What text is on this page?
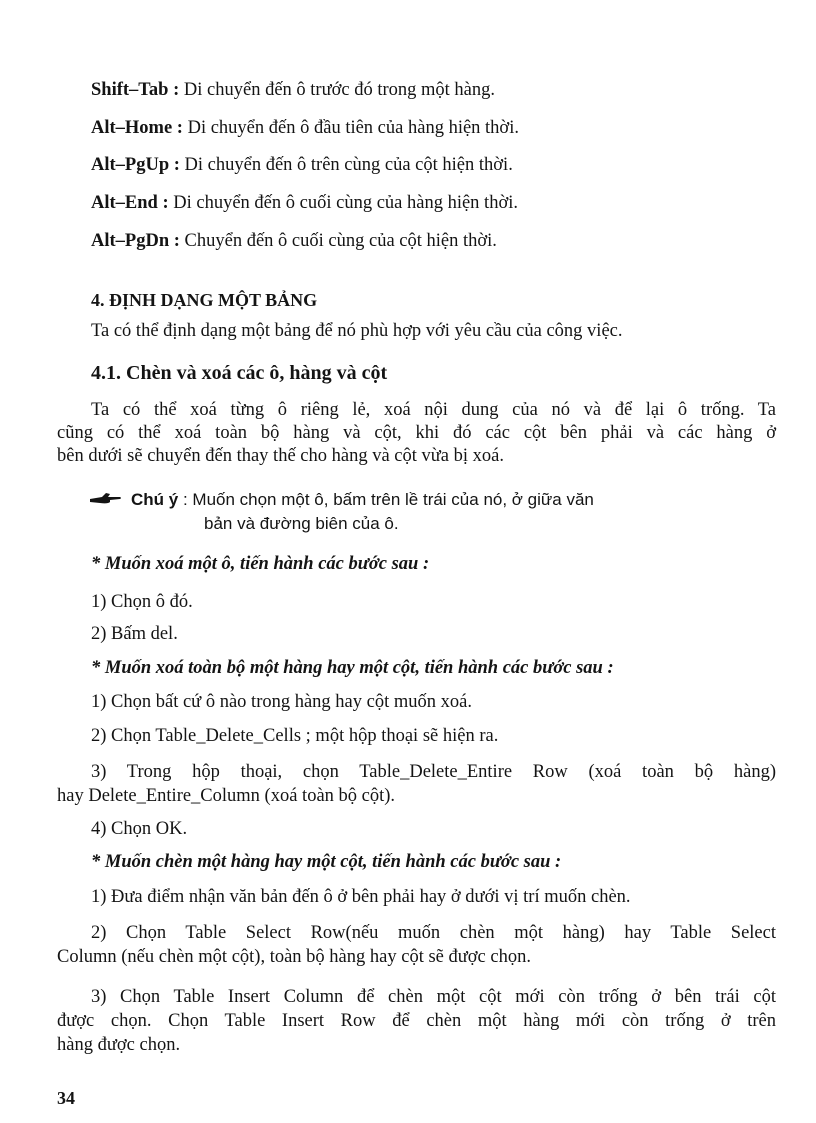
Shift–Tab : Di chuyển đến ô trước đó trong một hàng.
Alt–Home : Di chuyển đến ô đầu tiên của hàng hiện thời.
Alt–PgUp : Di chuyển đến ô trên cùng của cột hiện thời.
Alt–End : Di chuyển đến ô cuối cùng của hàng hiện thời.
Alt–PgDn : Chuyển đến ô cuối cùng của cột hiện thời.
4. ĐỊNH DẠNG MỘT BẢNG
Ta có thể định dạng một bảng để nó phù hợp với yêu cầu của công việc.
4.1. Chèn và xoá các ô, hàng và cột
Ta có thể xoá từng ô riêng lẻ, xoá nội dung của nó và để lại ô trống. Ta
cũng có thể xoá toàn bộ hàng và cột, khi đó các cột bên phải và các hàng ở
bên dưới sẽ chuyển đến thay thế cho hàng và cột vừa bị xoá.
Chú ý : Muốn chọn một ô, bấm trên lề trái của nó, ở giữa văn
bản và đường biên của ô.
* Muốn xoá một ô, tiến hành các bước sau :
1) Chọn ô đó.
2) Bấm del.
* Muốn xoá toàn bộ một hàng hay một cột, tiến hành các bước sau :
1) Chọn bất cứ ô nào trong hàng hay cột muốn xoá.
2) Chọn Table_Delete_Cells ; một hộp thoại sẽ hiện ra.
3) Trong hộp thoại, chọn Table_Delete_Entire Row (xoá toàn bộ hàng)
hay Delete_Entire_Column (xoá toàn bộ cột).
4) Chọn OK.
* Muốn chèn một hàng hay một cột, tiến hành các bước sau :
1) Đưa điểm nhận văn bản đến ô ở bên phải hay ở dưới vị trí muốn chèn.
2) Chọn Table Select Row(nếu muốn chèn một hàng) hay Table Select
Column (nếu chèn một cột), toàn bộ hàng hay cột sẽ được chọn.
3) Chọn Table Insert Column để chèn một cột mới còn trống ở bên trái cột
được chọn. Chọn Table Insert Row để chèn một hàng mới còn trống ở trên
hàng được chọn.
34
